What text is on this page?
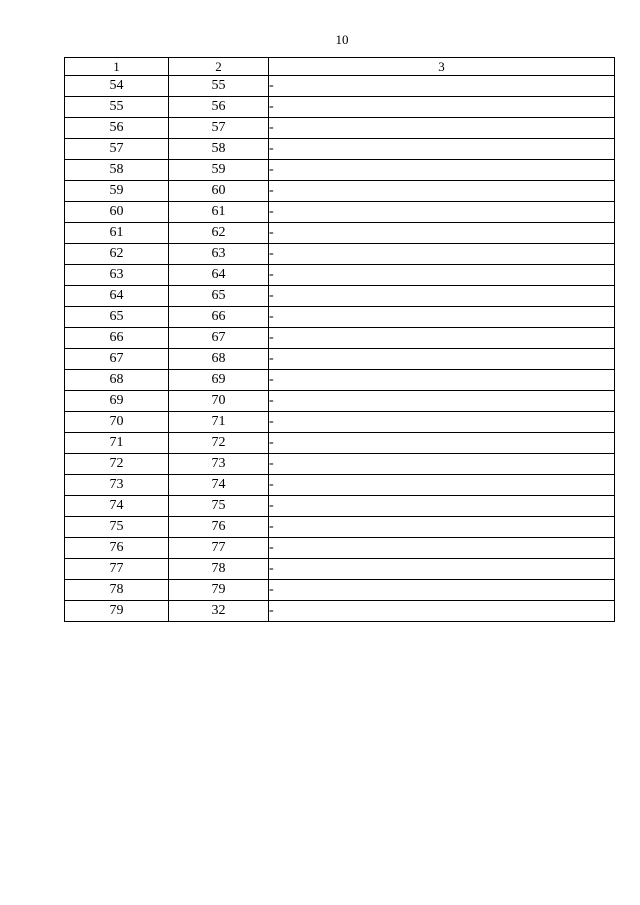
10
1	2	3
54	55	-
55	56	-
56	57	-
57	58	-
58	59	-
59	60	-
60	61	-
61	62	-
62	63	-
63	64	-
64	65	-
65	66	-
66	67	-
67	68	-
68	69	-
69	70	-
70	71	-
71	72	-
72	73	-
73	74	-
74	75	-
75	76	-
76	77	-
77	78	-
78	79	-
79	32	-
